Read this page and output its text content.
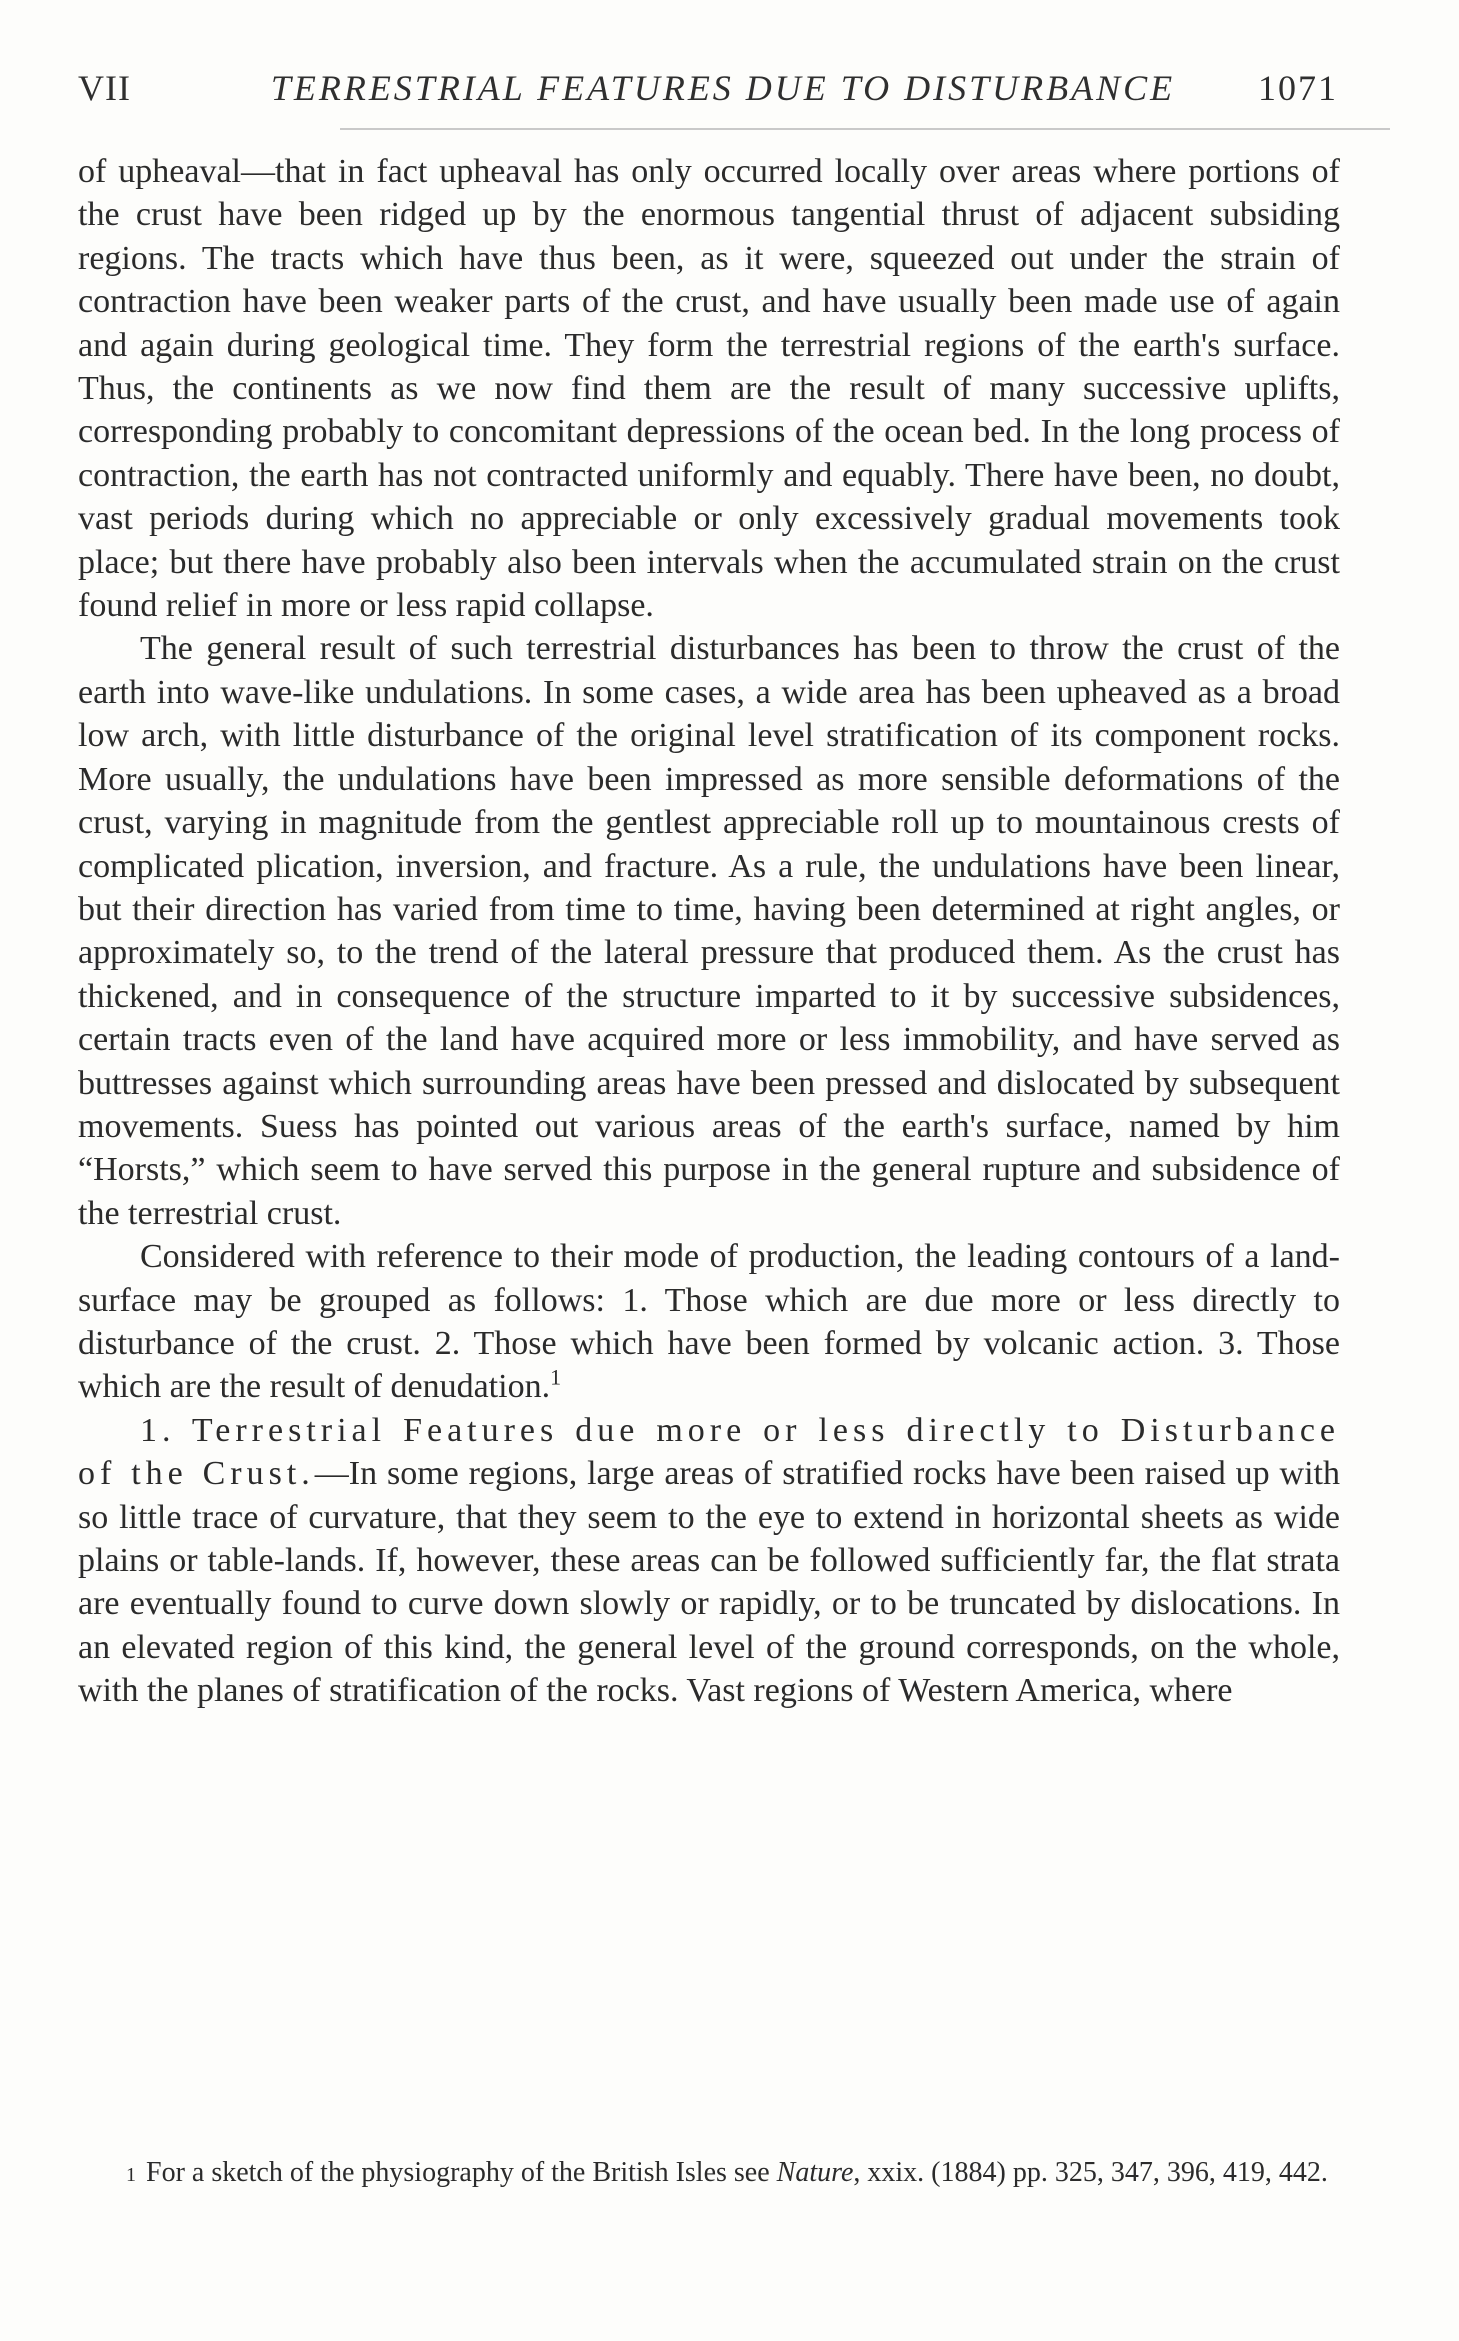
VII	TERRESTRIAL FEATURES DUE TO DISTURBANCE	1071

of upheaval—that in fact upheaval has only occurred locally over areas where portions of the crust have been ridged up by the enormous tangential thrust of adjacent subsiding regions. The tracts which have thus been, as it were, squeezed out under the strain of contraction have been weaker parts of the crust, and have usually been made use of again and again during geological time. They form the terrestrial regions of the earth's surface. Thus, the continents as we now find them are the result of many successive uplifts, corresponding probably to concomitant depressions of the ocean bed. In the long process of contraction, the earth has not contracted uniformly and equably. There have been, no doubt, vast periods during which no appreciable or only excessively gradual movements took place; but there have probably also been intervals when the accumulated strain on the crust found relief in more or less rapid collapse.

The general result of such terrestrial disturbances has been to throw the crust of the earth into wave-like undulations. In some cases, a wide area has been upheaved as a broad low arch, with little disturbance of the original level stratification of its component rocks. More usually, the undulations have been impressed as more sensible deformations of the crust, varying in magnitude from the gentlest appreciable roll up to mountainous crests of complicated plication, inversion, and fracture. As a rule, the undulations have been linear, but their direction has varied from time to time, having been determined at right angles, or approximately so, to the trend of the lateral pressure that produced them. As the crust has thickened, and in consequence of the structure imparted to it by successive subsidences, certain tracts even of the land have acquired more or less immobility, and have served as buttresses against which surrounding areas have been pressed and dislocated by subsequent movements. Suess has pointed out various areas of the earth's surface, named by him “Horsts,” which seem to have served this purpose in the general rupture and subsidence of the terrestrial crust.

Considered with reference to their mode of production, the leading contours of a land-surface may be grouped as follows: 1. Those which are due more or less directly to disturbance of the crust. 2. Those which have been formed by volcanic action. 3. Those which are the result of denudation.$^1$

1. Terrestrial Features due more or less directly to Disturbance of the Crust.—In some regions, large areas of stratified rocks have been raised up with so little trace of curvature, that they seem to the eye to extend in horizontal sheets as wide plains or table-lands. If, however, these areas can be followed sufficiently far, the flat strata are eventually found to curve down slowly or rapidly, or to be truncated by dislocations. In an elevated region of this kind, the general level of the ground corresponds, on the whole, with the planes of stratification of the rocks. Vast regions of Western America, where

1 For a sketch of the physiography of the British Isles see Nature, xxix. (1884) pp. 325, 347, 396, 419, 442.
